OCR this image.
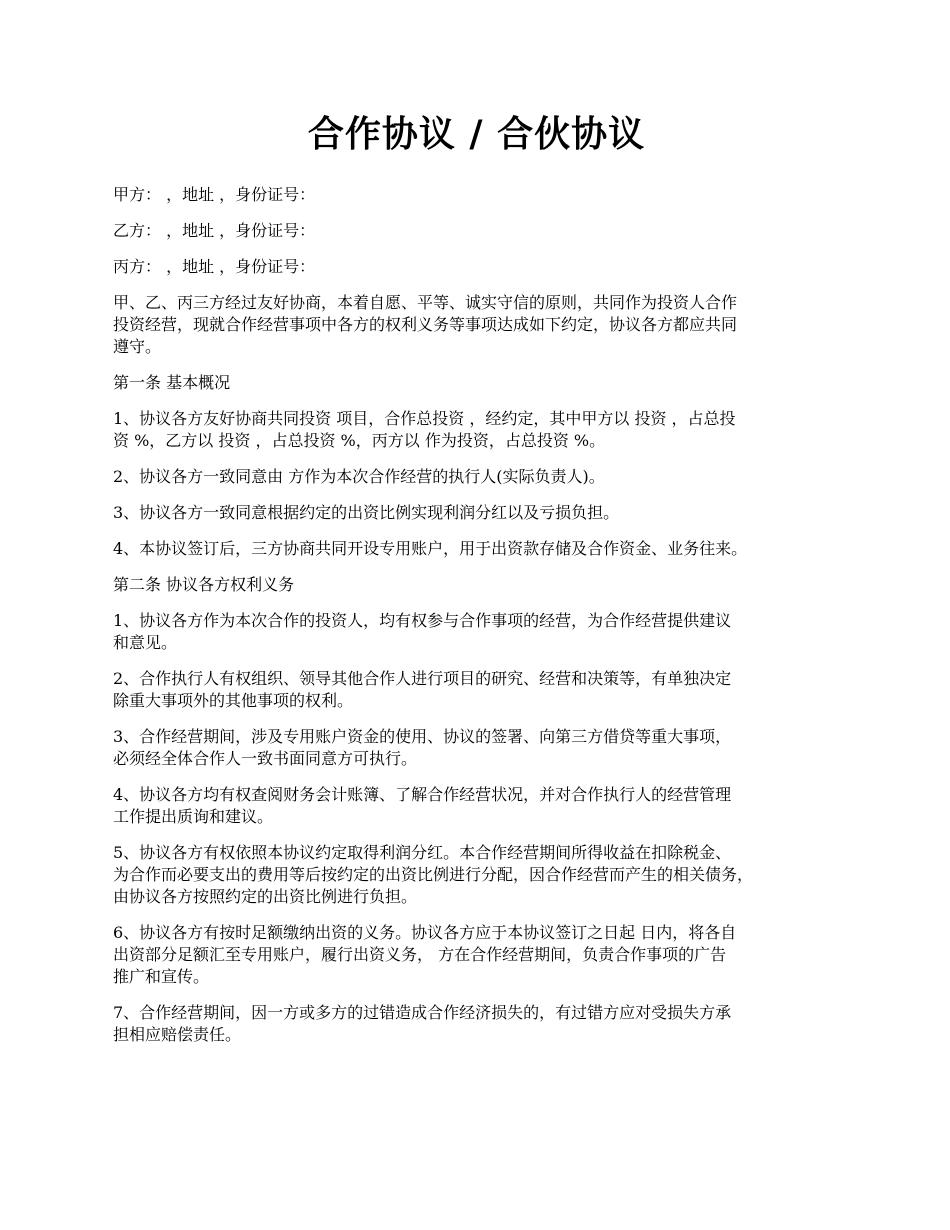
合作协议 / 合伙协议

甲方： ，地址 ，身份证号：

乙方： ，地址 ，身份证号：

丙方： ，地址 ，身份证号：

甲、乙、丙三方经过友好协商，本着自愿、平等、诚实守信的原则，共同作为投资人合作
投资经营，现就合作经营事项中各方的权利义务等事项达成如下约定，协议各方都应共同
遵守。

第一条 基本概况

1、协议各方友好协商共同投资 项目，合作总投资 ，经约定，其中甲方以 投资 ，占总投
资 %，乙方以 投资 ，占总投资 %，丙方以 作为投资，占总投资 %。

2、协议各方一致同意由 方作为本次合作经营的执行人(实际负责人)。

3、协议各方一致同意根据约定的出资比例实现利润分红以及亏损负担。

4、本协议签订后，三方协商共同开设专用账户，用于出资款存储及合作资金、业务往来。

第二条 协议各方权利义务

1、协议各方作为本次合作的投资人，均有权参与合作事项的经营，为合作经营提供建议
和意见。

2、合作执行人有权组织、领导其他合作人进行项目的研究、经营和决策等，有单独决定
除重大事项外的其他事项的权利。

3、合作经营期间，涉及专用账户资金的使用、协议的签署、向第三方借贷等重大事项，
必须经全体合作人一致书面同意方可执行。

4、协议各方均有权查阅财务会计账簿、了解合作经营状况，并对合作执行人的经营管理
工作提出质询和建议。

5、协议各方有权依照本协议约定取得利润分红。本合作经营期间所得收益在扣除税金、
为合作而必要支出的费用等后按约定的出资比例进行分配，因合作经营而产生的相关债务，
由协议各方按照约定的出资比例进行负担。

6、协议各方有按时足额缴纳出资的义务。协议各方应于本协议签订之日起 日内，将各自
出资部分足额汇至专用账户，履行出资义务， 方在合作经营期间，负责合作事项的广告
推广和宣传。

7、合作经营期间，因一方或多方的过错造成合作经济损失的，有过错方应对受损失方承
担相应赔偿责任。
